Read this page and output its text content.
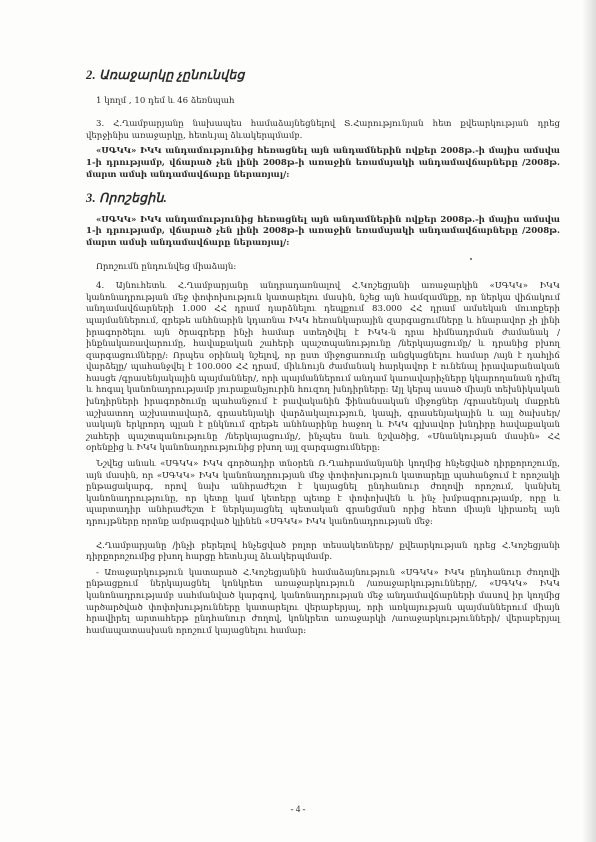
2. Առաջարկը չընունվեց

1 կողմ , 10 դեմ և 46 ձեռնպահ

3. Հ.Ղամբարյանը նախապես համաձայնեցնելով Տ.Հարությունյան հետ քվեարկության դրեց վերջինիս առաջարկը, հետևյալ ձևակերպմամբ.

«ՍԳԿԿ» ԻԿԿ անդամությունից հեռացնել այն անդամներին ովքեր 2008թ.-ի մայիս ամսվա 1-ի դրությամբ, վճարած չեն լինի 2008թ-ի առաջին եռամսյակի անդամավճարները /2008թ. մարտ ամսի անդամավճարը ներառյալ/:

3. Որոշեցին.

«ՍԳԿԿ» ԻԿԿ անդամությունից հեռացնել այն անդամներին ովքեր 2008թ.-ի մայիս ամսվա 1-ի դրությամբ, վճարած չեն լինի 2008թ-ի առաջին եռամսյակի անդամավճարները /2008թ. մարտ ամսի անդամավճարը ներառյալ/:

Որոշումն ընդունվեց միաձայն:

4. Այնուհետև Հ.Ղամբարյանը անդրադառնալով Հ.Կոշեցյանի առաջարկին «ՍԳԿԿ» ԻԿԿ կանոնադրության մեջ փոփոխություն կատարելու մասին, նշեց այն համզամնքը, որ ներկա վիճակում անդամավճարների 1.000 ՀՀ դրամ դարձնելու դեպքում 83.000 ՀՀ դրամ ամսեկան մուտքերի պայմաններում, զրեթե անհնարին կդառնա ԻԿԿ հեռանկարային զարգացումները և հնարավոր չի լինի իրագործելու այն ծրագրերը ինչի համար ստեղծվել է ԻԿԿ-ն դրա հիմնադրման ժամանակ /ինքնակառավարումը, հավաքական շահերի պաշտպանությունը /ներկայացումը/ և դրանից բխող զարգացումները/: Որպես օրինակ նշելով, որ ըստ միջոցառումը անցկացնելու համար /այն է դահլիճ վարձելը/ պահանջվել է 100.000 ՀՀ դրամ, միևնույն ժամանակ հարկավոր է ունենալ իրավաբանական հասցե /գրասենյակային պայմաններ/, որի պայմաններում անդամ կառավարիչները կկարողանան դիմել և հոգալ կանոնադրությամբ յուրաքանչյուրին հուզող խնդիրները: Այլ կերպ ասած միայն տեխնիկական խնդիրների իրագործումը պահանջում է բավականին ֆինանսական միջոցներ /գրասենյակ մաքրեն աշխատող աշխատավարձ, գրասենյակի վարձակալություն, կապի, գրասենյակային և այլ ծախսեր/ սակայն երկրորդ պլան է ընկնում զրեթե անհնարինը հաջող և ԻԿԿ գլխավոր խնդիրը հավաքական շահերի պաշտպանությունը /ներկայացումը/, ինչպես նաև նշվածից, «Սնանկության մասին» ՀՀ օրենքից և ԻԿԿ կանոնադրությունից բխող այլ զարգացումները:

Նշվեց անաև «ՍԳԿԿ» ԻԿԿ գործադիր տնօրեն Ռ.Ղահրամանյանի կողմից հնչեցված դիրքորոշումը, այն մասին, որ «ՍԳԿԿ» ԻԿԿ կանոնադրության մեջ փոփոխություն կատարելը պահանջում է որոշակի ընթացակարգ, որով նախ անհրաժեշտ է կայացնել ընդհանուր ժողովի որոշում, կանխել կանոնադրությունը, որ կետը կամ կետերը պետք է փոփոխվեն և ինչ խմբագրությամբ, որը և պարտադիր անհրաժեշտ է ներկայացնել պետական գրանցման որից հետո միայն կիրառել այն դրույթները որոնք ամրագրված կլինեն «ՍԳԿԿ» ԻԿԿ կանոնադրության մեջ:

Հ.Ղամբարյանը /ինչի բերելով հնչեցված բոլոր տեսակետները/ քվեարկության դրեց Հ.Կոշեցյանի դիրքորոշումից բխող հարցը հետևյալ ձևակերպմամբ.

- Առաջարկություն կատարած Հ.Կոշեցյանին համաձայնություն «ՍԳԿԿ» ԻԿԿ ընդհանուր ժողովի ընթացքում ներկայացնել կոնկրետ առաջարկություն /առաջարկությունները/, «ՍԳԿԿ» ԻԿԿ կանոնադրությամբ սահմանված կարգով, կանոնադրության մեջ անդամավճարների մասով իր կողմից արծարծված փոփոխությունները կատարելու վերաբերյալ, որի առկայության պայմաններում միայն հրավիրել արտահերթ ընդհանուր ժողով, կոնկրետ առաջարկի /առաջարկությունների/ վերաբերյալ համապատասխան որոշում կայացնելու համար:

- 4 -
